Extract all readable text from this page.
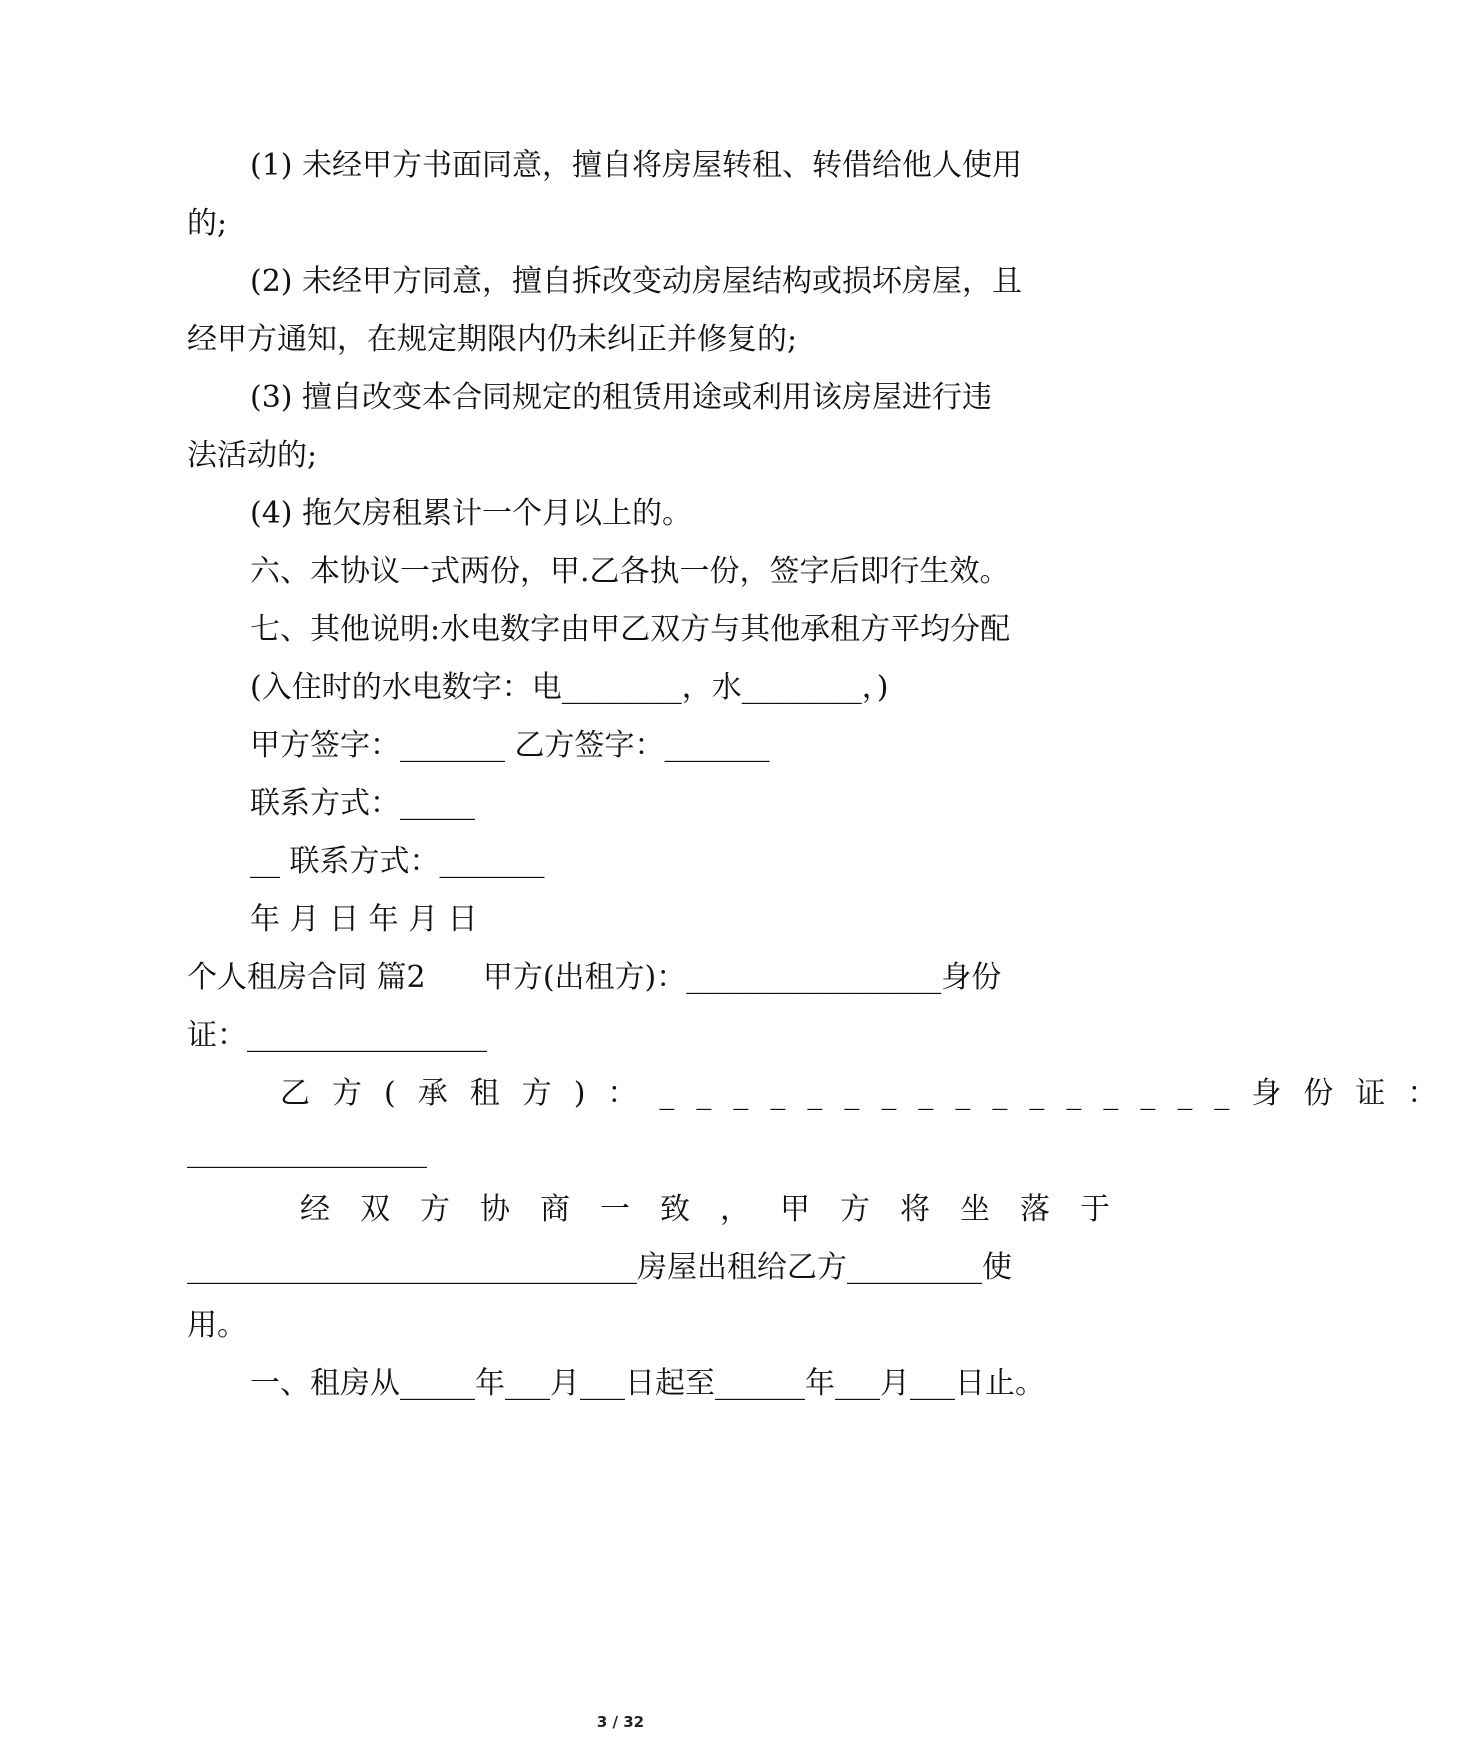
(1) 未经甲方书面同意，擅自将房屋转租、转借给他人使用
的;
(2) 未经甲方同意，擅自拆改变动房屋结构或损坏房屋，且
经甲方通知，在规定期限内仍未纠正并修复的;
(3) 擅自改变本合同规定的租赁用途或利用该房屋进行违
法活动的;
(4) 拖欠房租累计一个月以上的。
六、本协议一式两份，甲.乙各执一份，签字后即行生效。
七、其他说明:水电数字由甲乙双方与其他承租方平均分配
(入住时的水电数字：电________，水________，)
甲方签字：_______ 乙方签字：_______
联系方式：_____
__ 联系方式：_______
年 月 日 年 月 日
个人租房合同 篇2      甲方(出租方)：_________________身份
证：________________
乙方(承租方)：________________身份证：
________________
经双方协商一致，甲方将坐落于
______________________________房屋出租给乙方_________使
用。
一、租房从_____年___月___日起至______年___月___日止。
3 / 32
